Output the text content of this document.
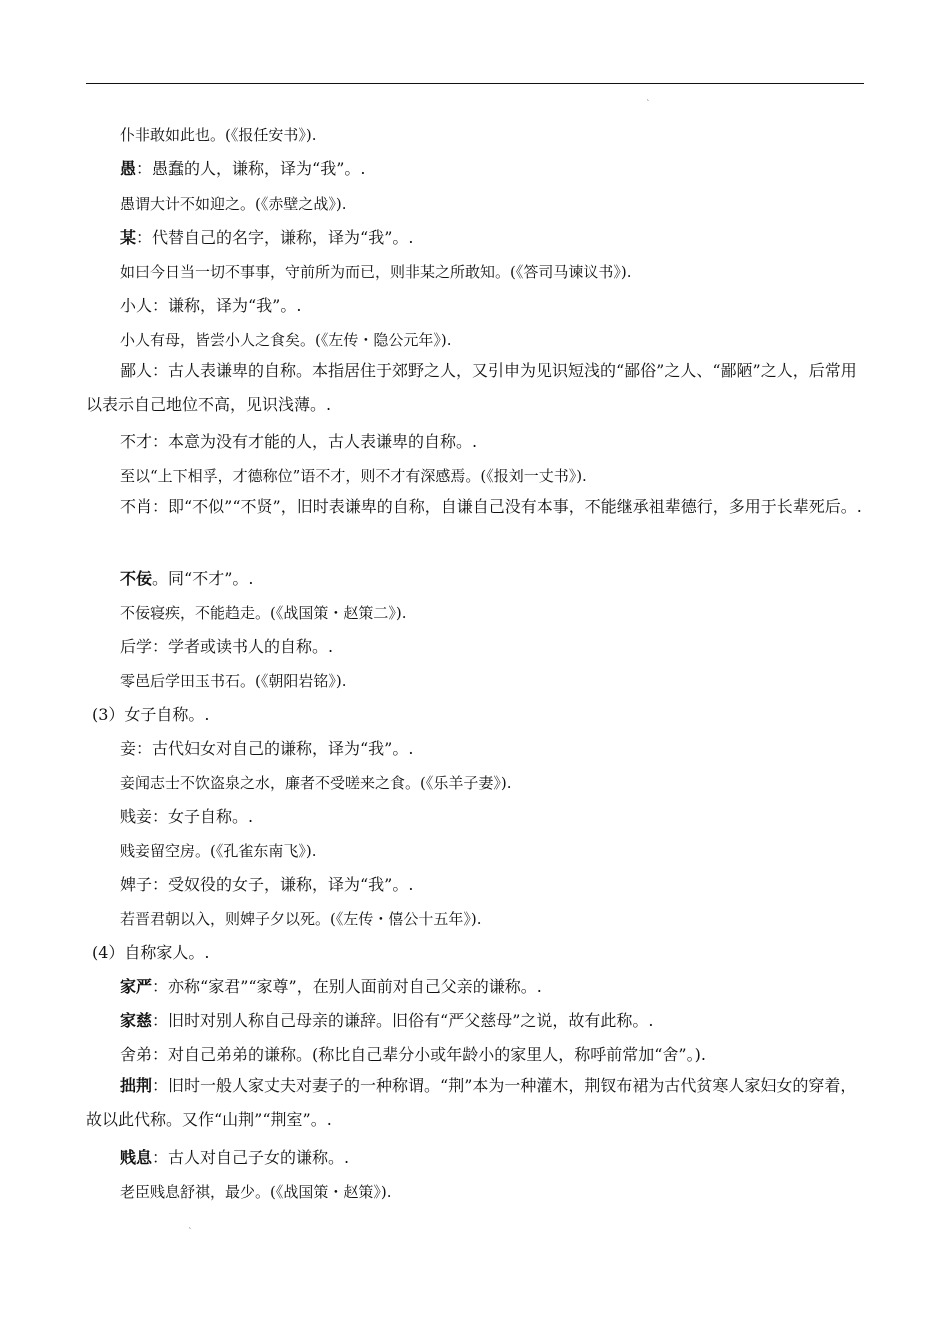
˛
仆非敢如此也。(《报任安书》).
愚：愚蠢的人，谦称，译为“我”。.
愚谓大计不如迎之。(《赤壁之战》).
某：代替自己的名字，谦称，译为“我”。.
如曰今日当一切不事事，守前所为而已，则非某之所敢知。(《答司马谏议书》).
小人：谦称，译为“我”。.
小人有母，皆尝小人之食矣。(《左传・隐公元年》).
鄙人：古人表谦卑的自称。本指居住于郊野之人，又引申为见识短浅的“鄙俗”之人、“鄙陋”之人，后常用以表示自己地位不高，见识浅薄。.
不才：本意为没有才能的人，古人表谦卑的自称。.
至以“上下相孚，才德称位”语不才，则不才有深感焉。(《报刘一丈书》).
不肖：即“不似”“不贤”，旧时表谦卑的自称，自谦自己没有本事，不能继承祖辈德行，多用于长辈死后。.
不佞。同“不才”。.
不佞寝疾，不能趋走。(《战国策・赵策二》).
后学：学者或读书人的自称。.
零邑后学田玉书石。(《朝阳岩铭》).
(3）女子自称。.
妾：古代妇女对自己的谦称，译为“我”。.
妾闻志士不饮盗泉之水，廉者不受嗟来之食。(《乐羊子妻》).
贱妾：女子自称。.
贱妾留空房。(《孔雀东南飞》).
婢子：受奴役的女子，谦称，译为“我”。.
若晋君朝以入，则婢子夕以死。(《左传・僖公十五年》).
(4）自称家人。.
家严：亦称“家君”“家尊”，在别人面前对自己父亲的谦称。.
家慈：旧时对别人称自己母亲的谦辞。旧俗有“严父慈母”之说，故有此称。.
舍弟：对自己弟弟的谦称。(称比自己辈分小或年龄小的家里人，称呼前常加“舍”。).
拙荆：旧时一般人家丈夫对妻子的一种称谓。“荆”本为一种灌木，荆钗布裙为古代贫寒人家妇女的穿着，故以此代称。又作“山荆”“荆室”。.
贱息：古人对自己子女的谦称。.
老臣贱息舒祺，最少。(《战国策・赵策》).
˛
